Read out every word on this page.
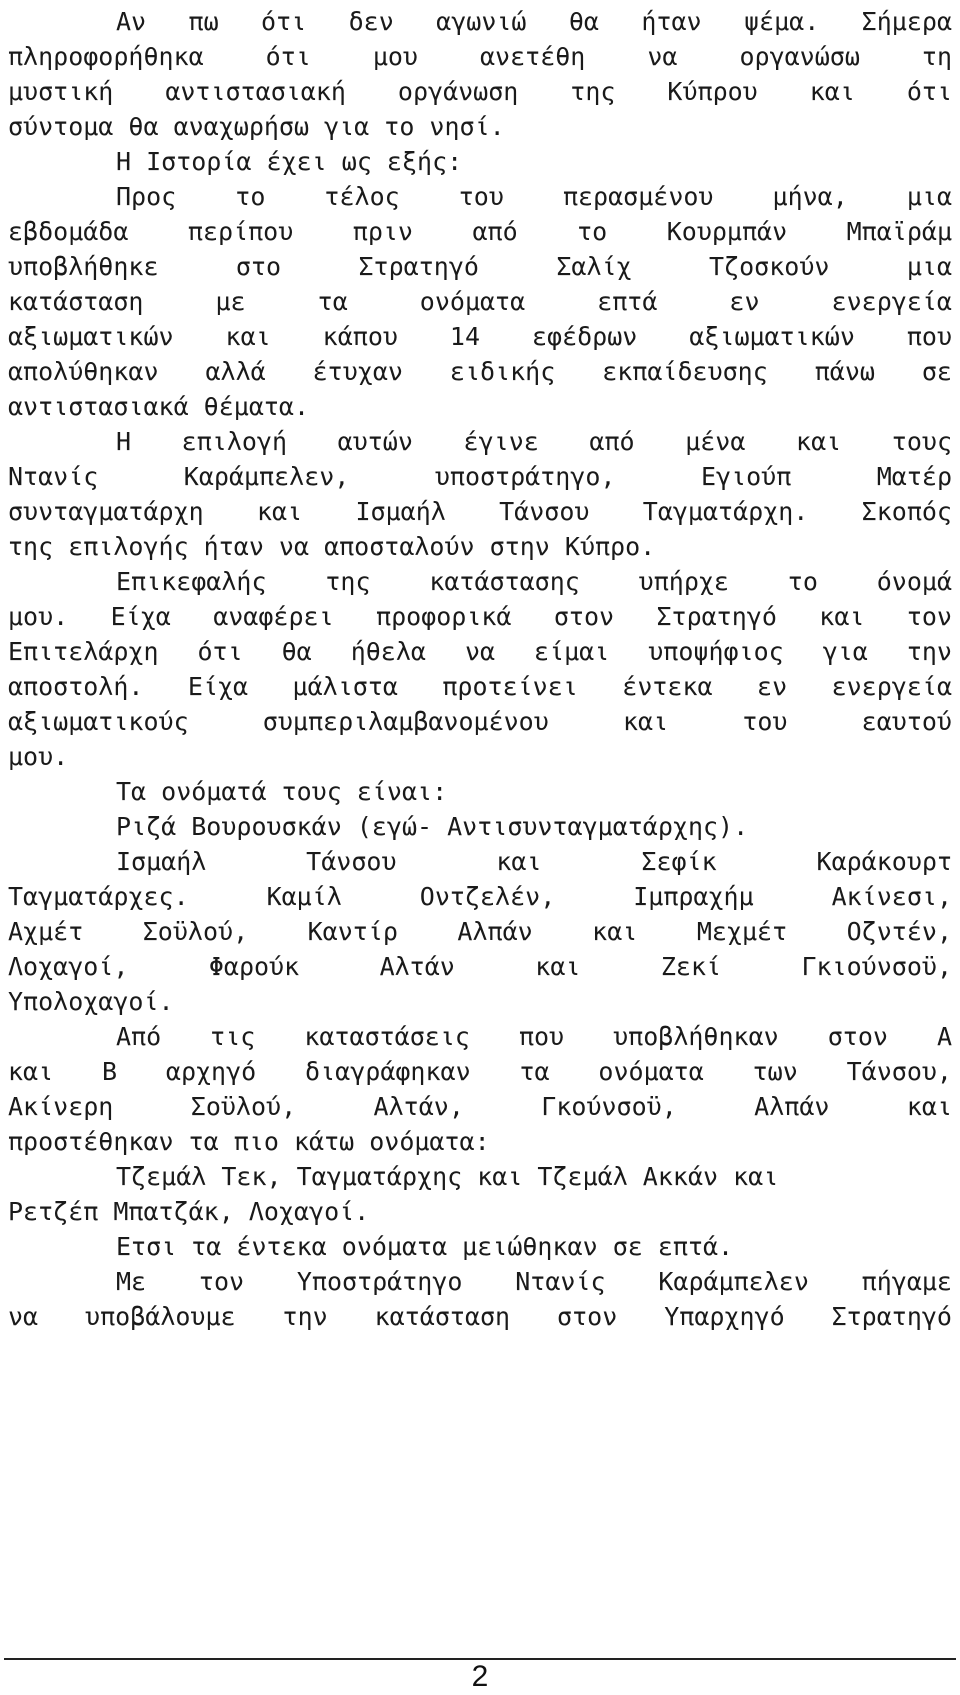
Αν πω ότι δεν αγωνιώ θα ήταν ψέμα. Σήμερα
πληροφορήθηκα ότι μου ανετέθη να οργανώσω τη
μυστική αντιστασιακή οργάνωση της Κύπρου και ότι
σύντομα θα αναχωρήσω για το νησί.
Η Ιστορία έχει ως εξής:
Προς το τέλος του περασμένου μήνα, μια
εβδομάδα περίπου πριν από το Κουρμπάν Μπαϊράμ
υποβλήθηκε στο Στρατηγό Σαλίχ Τζοσκούν μια
κατάσταση με τα ονόματα επτά εν ενεργεία
αξιωματικών και κάπου 14 εφέδρων αξιωματικών που
απολύθηκαν αλλά έτυχαν ειδικής εκπαίδευσης πάνω σε
αντιστασιακά θέματα.
Η επιλογή αυτών έγινε από μένα και τους
Ντανίς Καράμπελεν, υποστράτηγο, Εγιούπ Ματέρ
συνταγματάρχη και Ισμαήλ Τάνσου Ταγματάρχη. Σκοπός
της επιλογής ήταν να αποσταλούν στην Κύπρο.
Επικεφαλής της κατάστασης υπήρχε το όνομά
μου. Είχα αναφέρει προφορικά στον Στρατηγό και τον
Επιτελάρχη ότι θα ήθελα να είμαι υποψήφιος για την
αποστολή. Είχα μάλιστα προτείνει έντεκα εν ενεργεία
αξιωματικούς συμπεριλαμβανομένου και του εαυτού
μου.
Τα ονόματά τους είναι:
Ριζά Βουρουσκάν (εγώ- Αντισυνταγματάρχης).
Ισμαήλ Τάνσου και Σεφίκ Καράκουρτ
Ταγματάρχες. Καμίλ Οντζελέν, Ιμπραχήμ Ακίνεσι,
Αχμέτ Σοϋλού, Καντίρ Αλπάν και Μεχμέτ Οζντέν,
Λοχαγοί, Φαρούκ Αλτάν και Ζεκί Γκιούνσοϋ,
Υπολοχαγοί.
Από τις καταστάσεις που υποβλήθηκαν στον Α
και Β αρχηγό διαγράφηκαν τα ονόματα των Τάνσου,
Ακίνερη Σοϋλού, Αλτάν, Γκούνσοϋ, Αλπάν και
προστέθηκαν τα πιο κάτω ονόματα:
Τζεμάλ Τεκ, Ταγματάρχης και Τζεμάλ Ακκάν και
Ρετζέπ Μπατζάκ, Λοχαγοί.
Ετσι τα έντεκα ονόματα μειώθηκαν σε επτά.
Με τον Υποστράτηγο Ντανίς Καράμπελεν πήγαμε
να υποβάλουμε την κατάσταση στον Υπαρχηγό Στρατηγό
2
